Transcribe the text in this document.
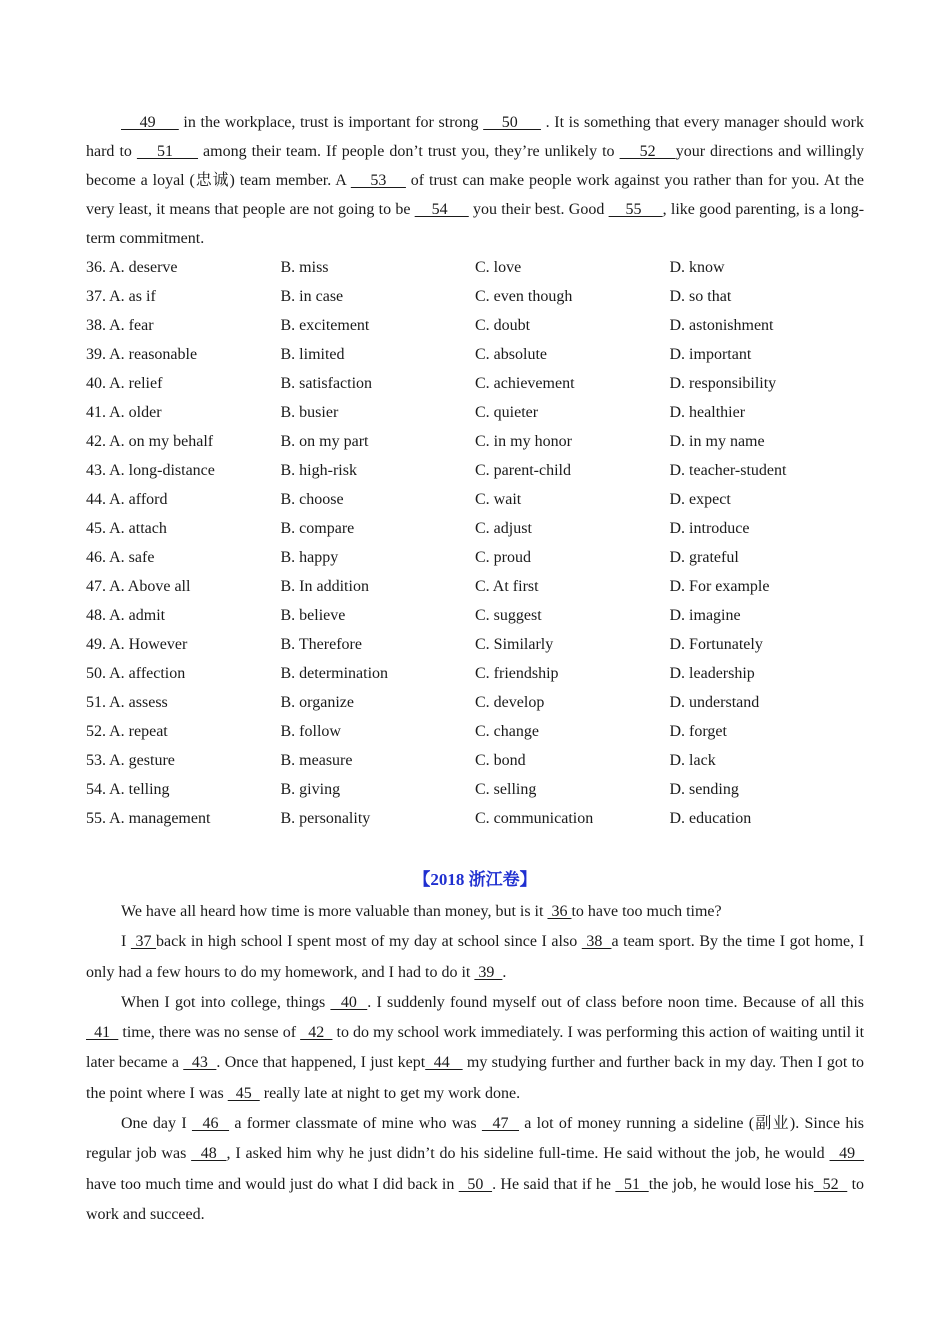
49      in the workplace, trust is important for strong     50      . It is something that every manager should work hard to     51      among their team. If people don’t trust you, they’re unlikely to     52    your directions and willingly become a loyal (忠诚) team member. A     53     of trust can make people work against you rather than for you. At the very least, it means that people are not going to be     54      you their best. Good     55     , like good parenting, is a long-term commitment.

36. A. deserve	B. miss	C. love	D. know
37. A. as if	B. in case	C. even though	D. so that
38. A. fear	B. excitement	C. doubt	D. astonishment
39. A. reasonable	B. limited	C. absolute	D. important
40. A. relief	B. satisfaction	C. achievement	D. responsibility
41. A. older	B. busier	C. quieter	D. healthier
42. A. on my behalf	B. on my part	C. in my honor	D. in my name
43. A. long-distance	B. high-risk	C. parent-child	D. teacher-student
44. A. afford	B. choose	C. wait	D. expect
45. A. attach	B. compare	C. adjust	D. introduce
46. A. safe	B. happy	C. proud	D. grateful
47. A. Above all	B. In addition	C. At first	D. For example
48. A. admit	B. believe	C. suggest	D. imagine
49. A. However	B. Therefore	C. Similarly	D. Fortunately
50. A. affection	B. determination	C. friendship	D. leadership
51. A. assess	B. organize	C. develop	D. understand
52. A. repeat	B. follow	C. change	D. forget
53. A. gesture	B. measure	C. bond	D. lack
54. A. telling	B. giving	C. selling	D. sending
55. A. management	B. personality	C. communication	D. education
【2018 浙江卷】

We have all heard how time is more valuable than money, but is it  36 to have too much time?

I  37 back in high school I spent most of my day at school since I also  38  a team sport. By the time I got home, I only had a few hours to do my homework, and I had to do it  39  .

When I got into college, things   40  . I suddenly found myself out of class before noon time. Because of all this   41   time, there was no sense of   42   to do my school work immediately. I was performing this action of waiting until it later became a   43  . Once that happened, I just kept  44    my studying further and further back in my day. Then I got to the point where I was   45   really late at night to get my work done.

One day I   46   a former classmate of mine who was   47   a lot of money running a sideline (副业). Since his regular job was   48  , I asked him why he just didn’t do his sideline full-time. He said without the job, he would   49   have too much time and would just do what I did back in   50  . He said that if he   51  the job, he would lose his  52   to work and succeed.
